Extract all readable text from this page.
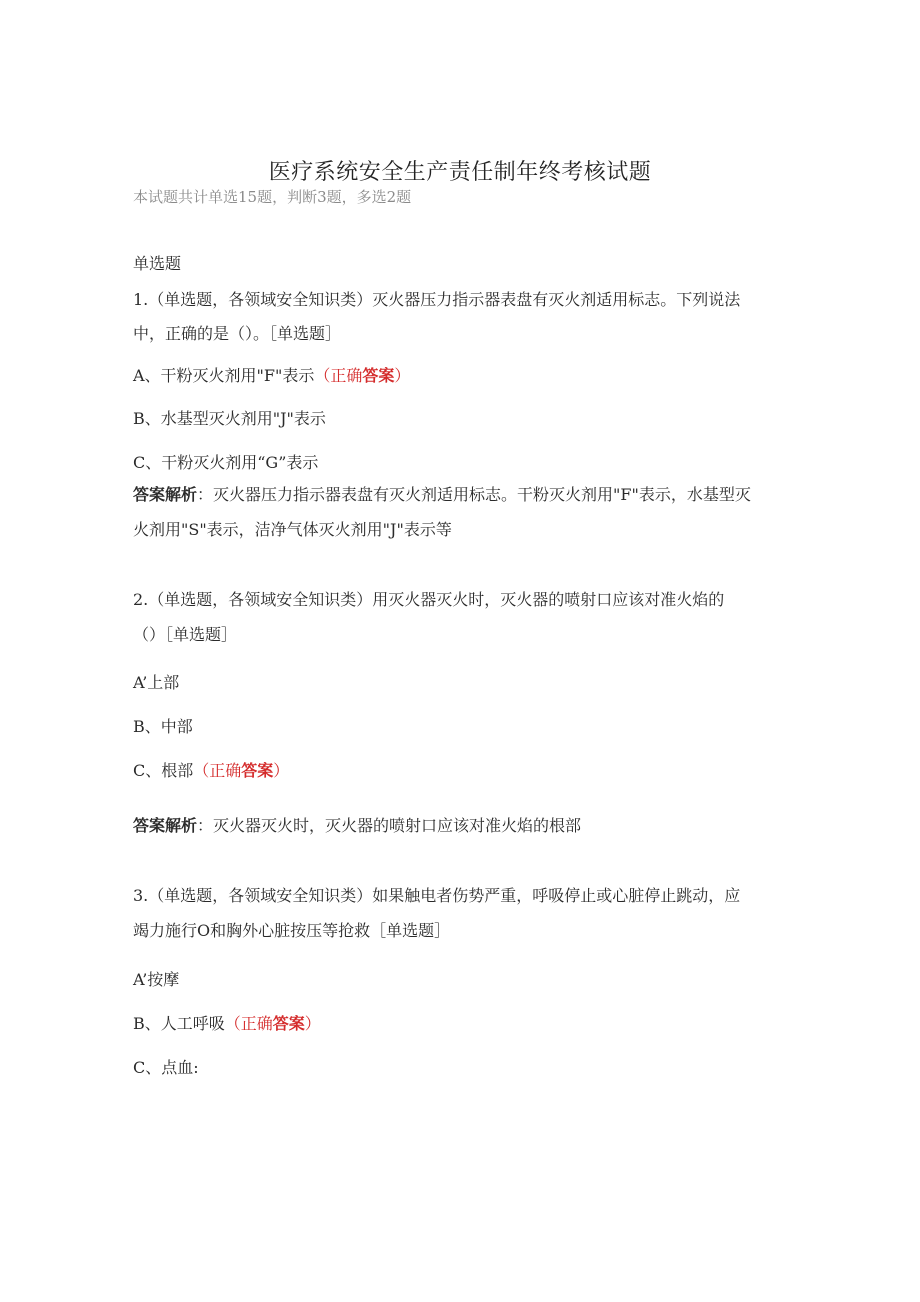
医疗系统安全生产责任制年终考核试题
本试题共计单选15题，判断3题，多选2题
单选题
1.（单选题，各领域安全知识类）灭火器压力指示器表盘有灭火剂适用标志。下列说法
中，正确的是（）。［单选题］
A、干粉灭火剂用"F"表示（正确答案）
B、水基型灭火剂用"J"表示
C、干粉灭火剂用“G”表示
答案解析：灭火器压力指示器表盘有灭火剂适用标志。干粉灭火剂用"F"表示，水基型灭
火剂用"S"表示，洁净气体灭火剂用"J"表示等
2.（单选题，各领域安全知识类）用灭火器灭火时，灭火器的喷射口应该对准火焰的
（）［单选题］
A’上部
B、中部
C、根部（正确答案）
答案解析：灭火器灭火时，灭火器的喷射口应该对准火焰的根部
3.（单选题，各领域安全知识类）如果触电者伤势严重，呼吸停止或心脏停止跳动，应
竭力施行O和胸外心脏按压等抢救［单选题］
A’按摩
B、人工呼吸（正确答案）
C、点血:
